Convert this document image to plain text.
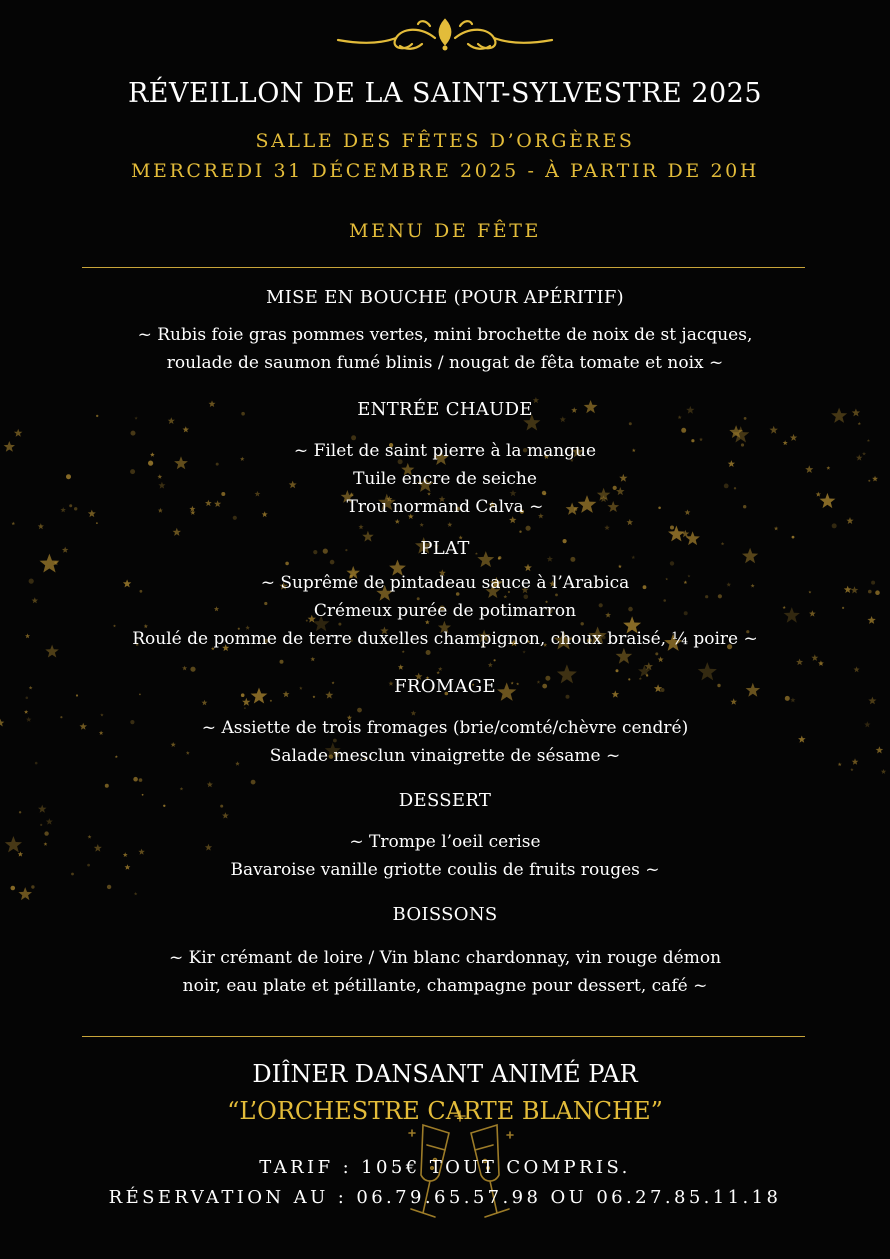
RÉVEILLON DE LA SAINT-SYLVESTRE 2025
SALLE DES FÊTES D’ORGÈRES
MERCREDI 31 DÉCEMBRE 2025 - À PARTIR DE 20H
MENU DE FÊTE
MISE EN BOUCHE (POUR APÉRITIF)
~ Rubis foie gras pommes vertes, mini brochette de noix de st jacques,
roulade de saumon fumé blinis / nougat de fêta tomate et noix ~
ENTRÉE CHAUDE
~ Filet de saint pierre à la mangue
Tuile encre de seiche
Trou normand Calva ~
PLAT
~ Suprême de pintadeau sauce à l’Arabica
Crémeux purée de potimarron
Roulé de pomme de terre duxelles champignon, choux braisé, ¼ poire ~
FROMAGE
~ Assiette de trois fromages (brie/comté/chèvre cendré)
Salade mesclun vinaigrette de sésame ~
DESSERT
~ Trompe l’oeil cerise
Bavaroise vanille griotte coulis de fruits rouges ~
BOISSONS
~ Kir crémant de loire / Vin blanc chardonnay, vin rouge démon
noir, eau plate et pétillante, champagne pour dessert, café ~
DIÎNER DANSANT ANIMÉ PAR
“L’ORCHESTRE CARTE BLANCHE”
TARIF : 105€ TOUT COMPRIS.
RÉSERVATION AU : 06.79.65.57.98 OU 06.27.85.11.18
